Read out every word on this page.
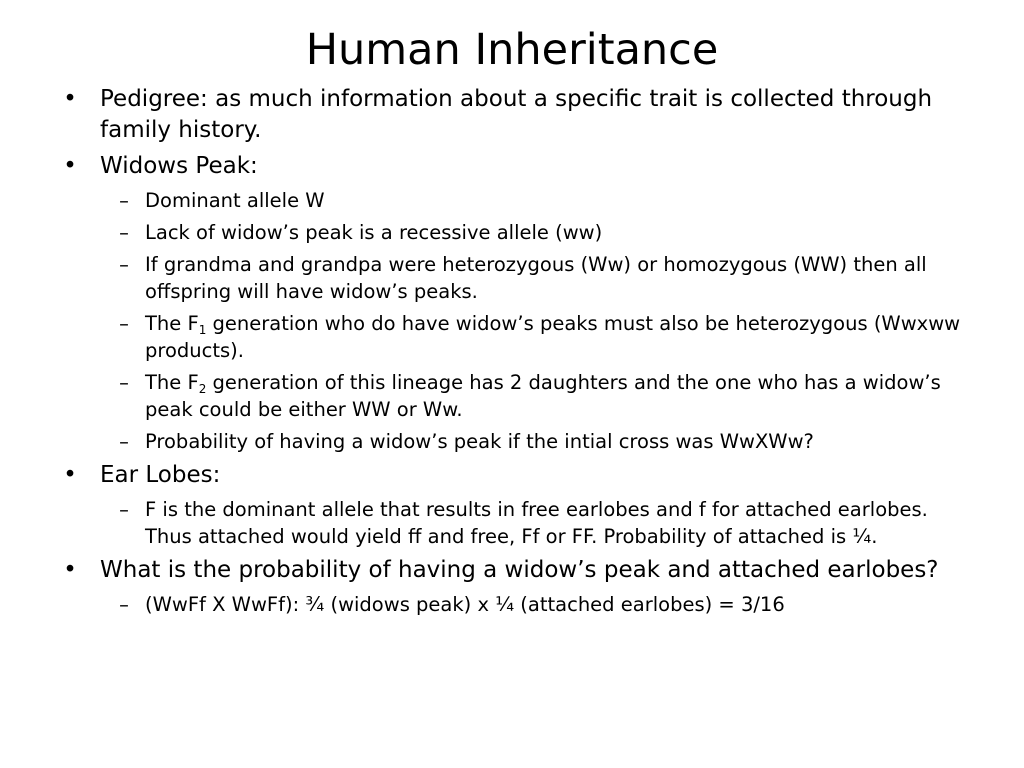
Human Inheritance
• Pedigree: as much information about a specific trait is collected through family history.
• Widows Peak:
– Dominant allele W
– Lack of widow’s peak is a recessive allele (ww)
– If grandma and grandpa were heterozygous (Ww) or homozygous (WW) then all offspring will have widow’s peaks.
– The $F_1$ generation who do have widow’s peaks must also be heterozygous (Wwxww products).
– The $F_2$ generation of this lineage has 2 daughters and the one who has a widow’s peak could be either WW or Ww.
– Probability of having a widow’s peak if the intial cross was WwXWw?
• Ear Lobes:
– F is the dominant allele that results in free earlobes and f for attached earlobes. Thus attached would yield ff and free, Ff or FF. Probability of attached is ¼.
• What is the probability of having a widow’s peak and attached earlobes?
– (WwFf X WwFf): ¾ (widows peak) x ¼ (attached earlobes) = 3/16
